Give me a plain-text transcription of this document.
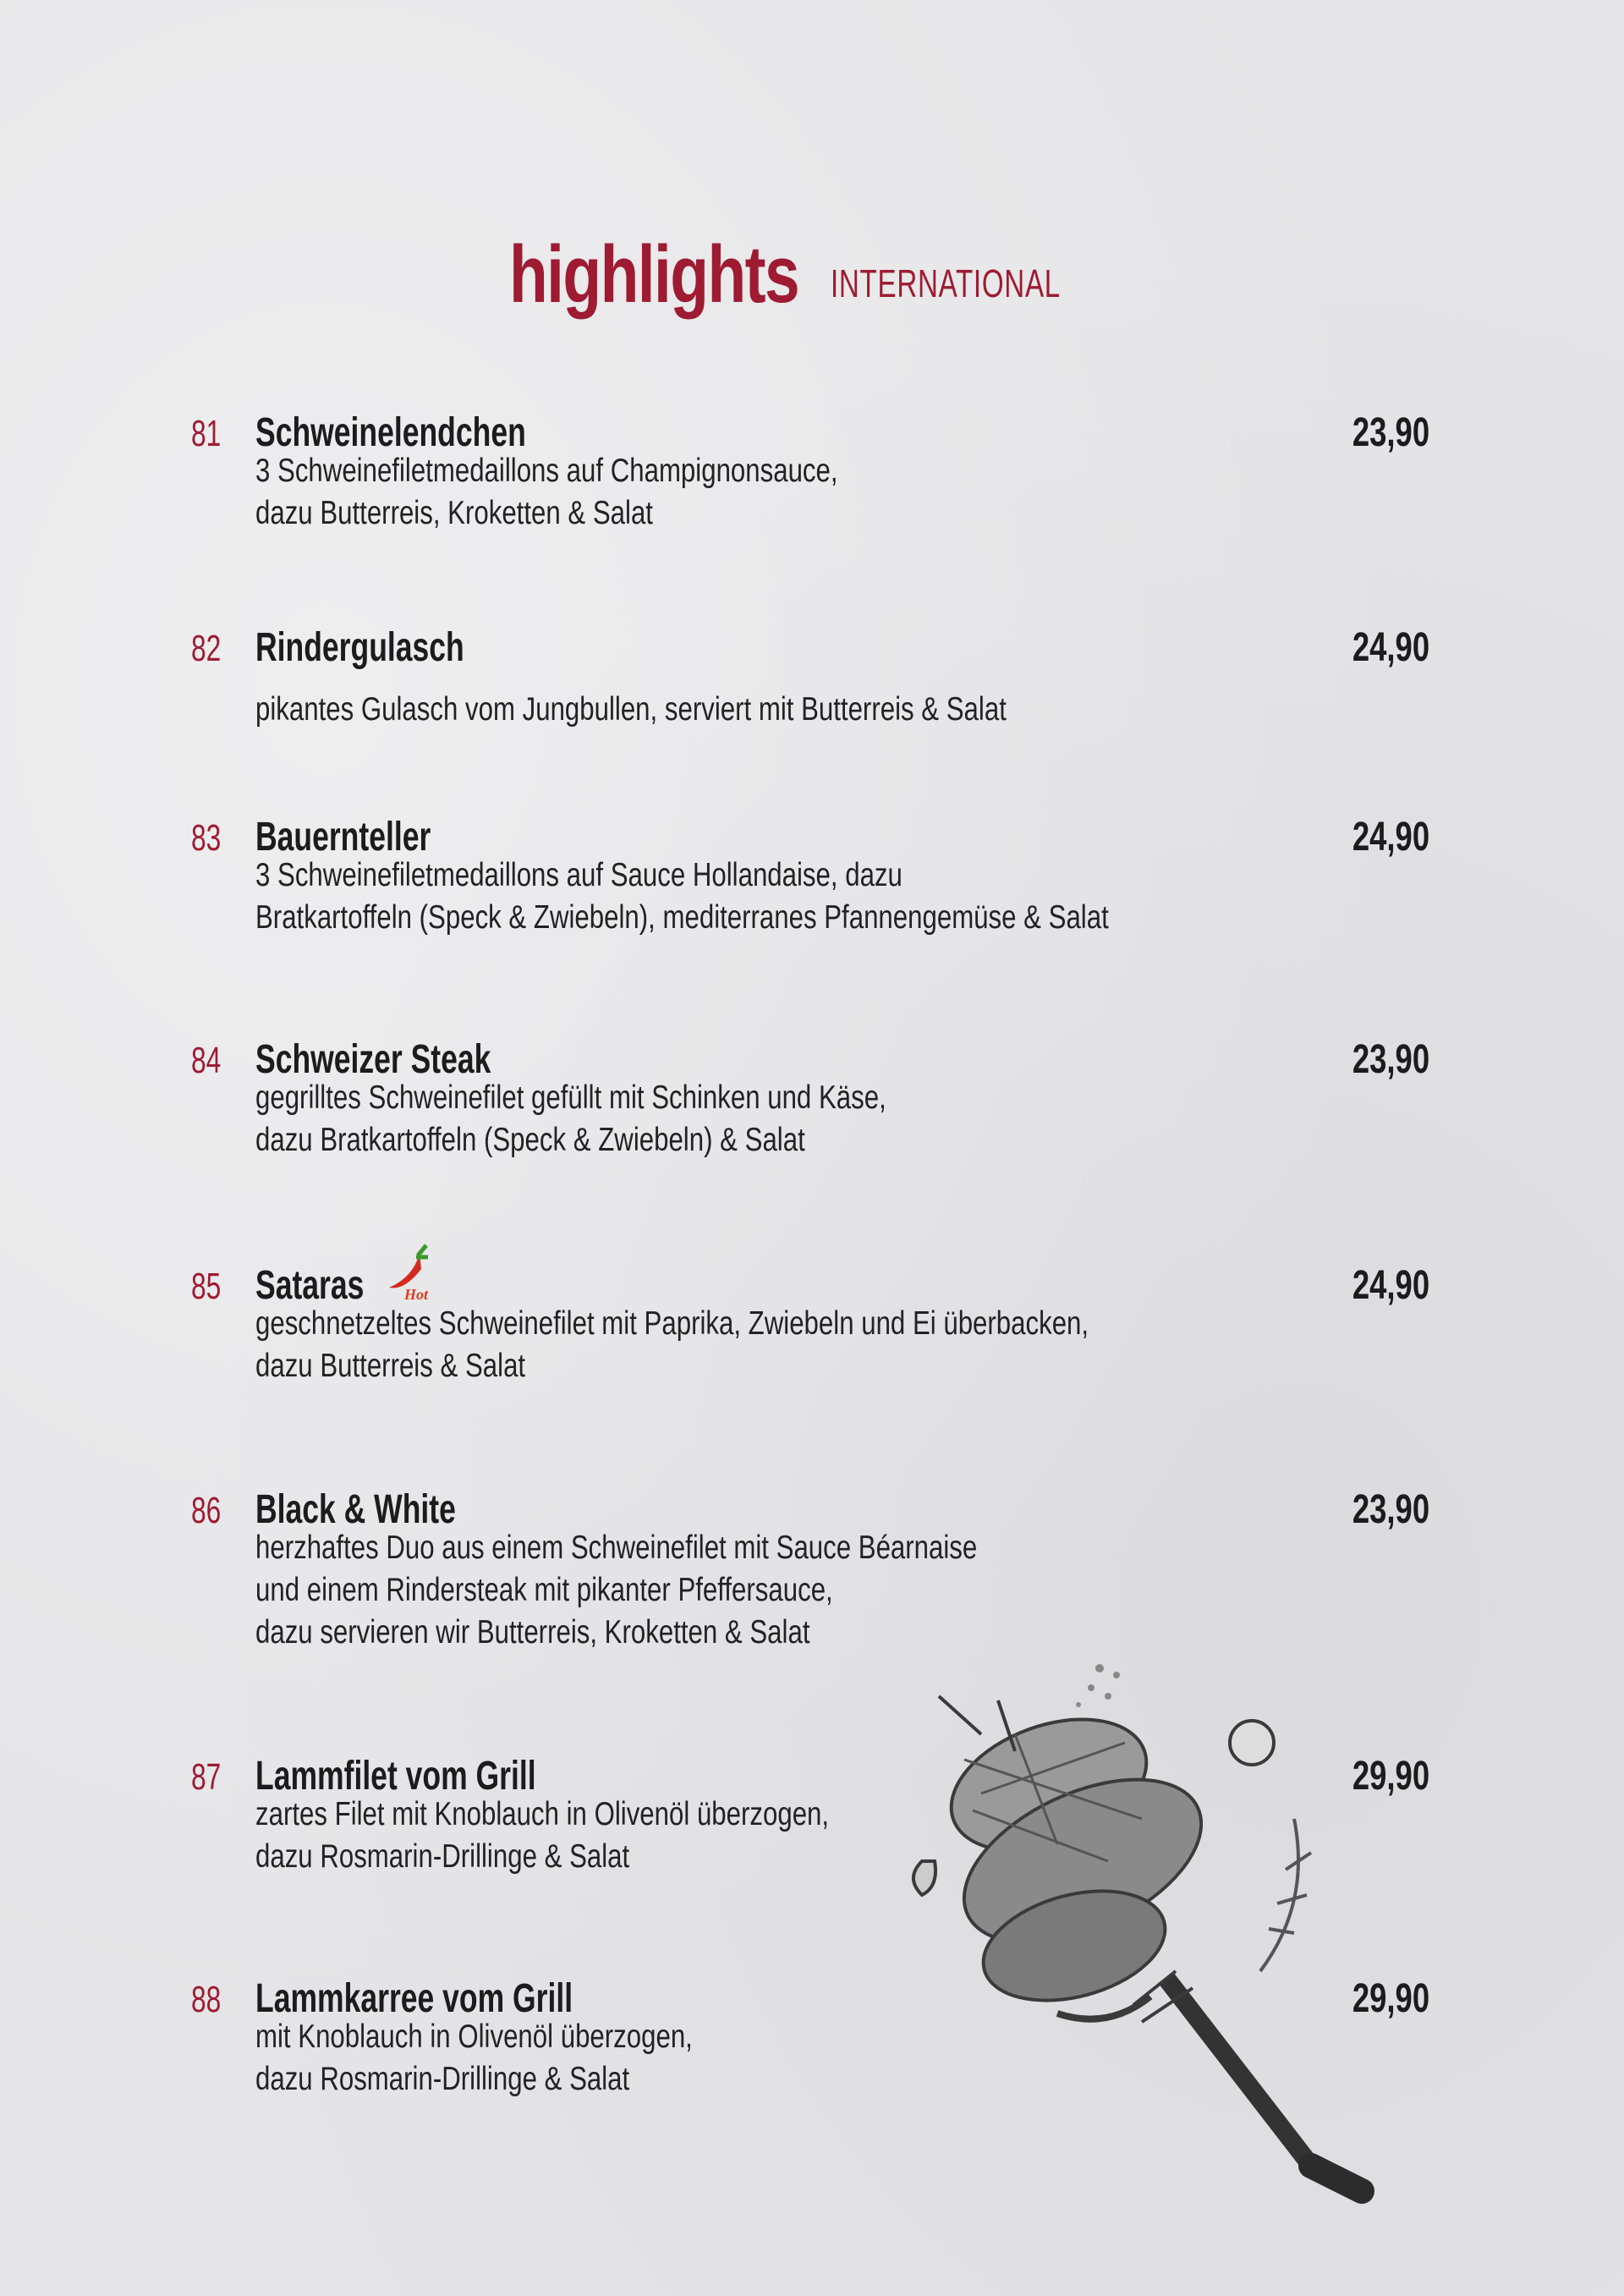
highlights INTERNATIONAL
81 Schweinelendchen	23,90
3 Schweinefiletmedaillons auf Champignonsauce,
dazu Butterreis, Kroketten & Salat
82 Rindergulasch	24,90
pikantes Gulasch vom Jungbullen, serviert mit Butterreis & Salat
83 Bauernteller	24,90
3 Schweinefiletmedaillons auf Sauce Hollandaise, dazu
Bratkartoffeln (Speck & Zwiebeln), mediterranes Pfannengemüse & Salat
84 Schweizer Steak	23,90
gegrilltes Schweinefilet gefüllt mit Schinken und Käse,
dazu Bratkartoffeln (Speck & Zwiebeln) & Salat
85 Sataras	24,90
Hot
geschnetzeltes Schweinefilet mit Paprika, Zwiebeln und Ei überbacken,
dazu Butterreis & Salat
86 Black & White	23,90
herzhaftes Duo aus einem Schweinefilet mit Sauce Béarnaise
und einem Rindersteak mit pikanter Pfeffersauce,
dazu servieren wir Butterreis, Kroketten & Salat
87 Lammfilet vom Grill	29,90
zartes Filet mit Knoblauch in Olivenöl überzogen,
dazu Rosmarin-Drillinge & Salat
88 Lammkarree vom Grill	29,90
mit Knoblauch in Olivenöl überzogen,
dazu Rosmarin-Drillinge & Salat
